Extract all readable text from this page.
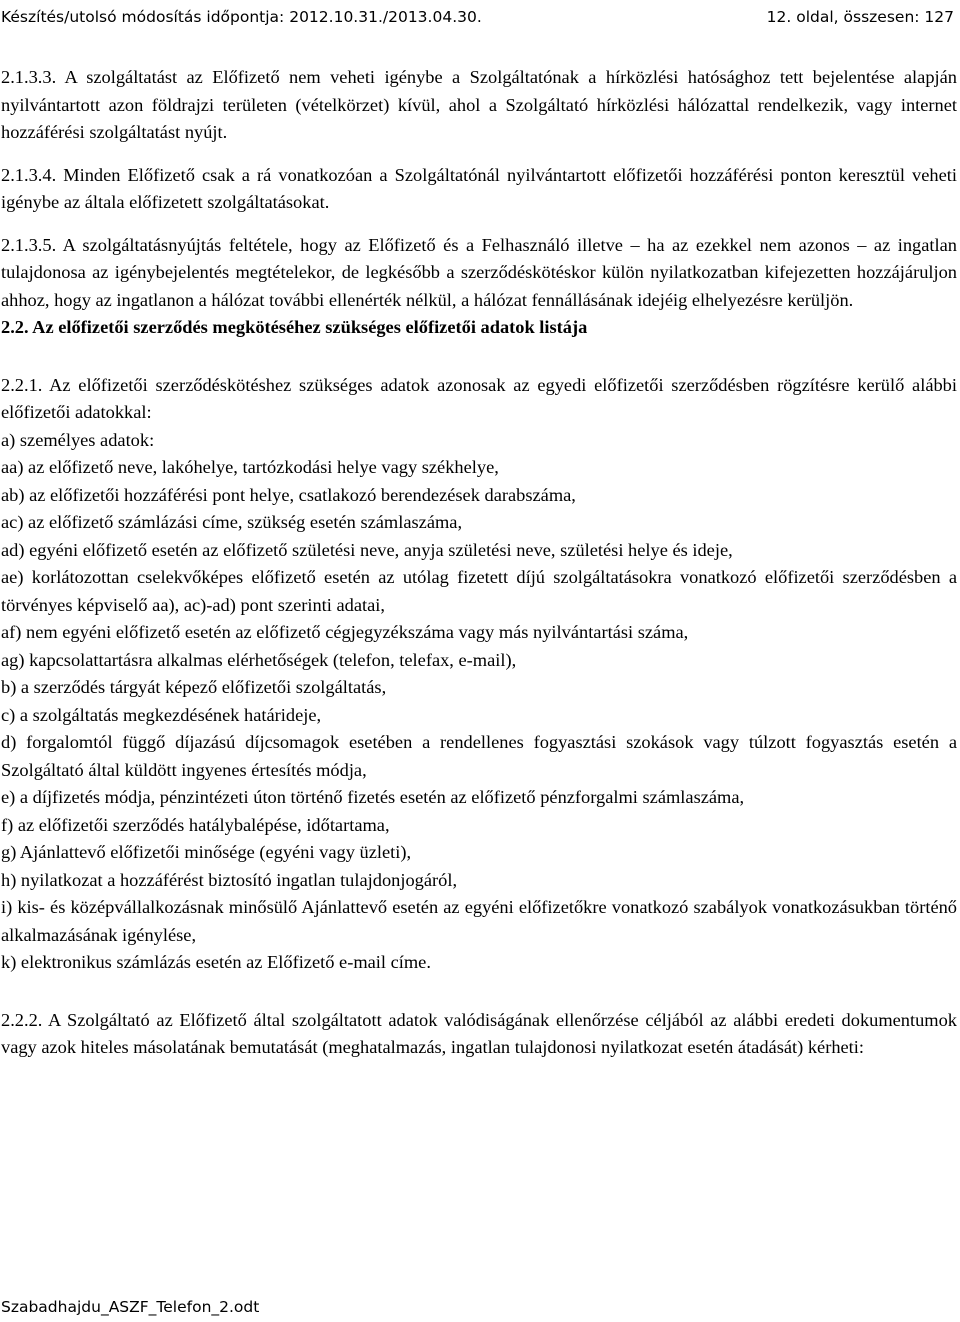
Készítés/utolsó módosítás időpontja: 2012.10.31./2013.04.30.	12. oldal, összesen: 127

2.1.3.3. A szolgáltatást az Előfizető nem veheti igénybe a Szolgáltatónak a hírközlési hatósághoz tett bejelentése alapján nyilvántartott azon földrajzi területen (vételkörzet) kívül, ahol a Szolgáltató hírközlési hálózattal rendelkezik, vagy internet hozzáférési szolgáltatást nyújt.

2.1.3.4. Minden Előfizető csak a rá vonatkozóan a Szolgáltatónál nyilvántartott előfizetői hozzáférési ponton keresztül veheti igénybe az általa előfizetett szolgáltatásokat.

2.1.3.5. A szolgáltatásnyújtás feltétele, hogy az Előfizető és a Felhasználó illetve – ha az ezekkel nem azonos – az ingatlan tulajdonosa az igénybejelentés megtételekor, de legkésőbb a szerződéskötéskor külön nyilatkozatban kifejezetten hozzájáruljon ahhoz, hogy az ingatlanon a hálózat további ellenérték nélkül, a hálózat fennállásának idejéig elhelyezésre kerüljön.

2.2. Az előfizetői szerződés megkötéséhez szükséges előfizetői adatok listája

2.2.1. Az előfizetői szerződéskötéshez szükséges adatok azonosak az egyedi előfizetői szerződésben rögzítésre kerülő alábbi előfizetői adatokkal:

a) személyes adatok:

aa) az előfizető neve, lakóhelye, tartózkodási helye vagy székhelye,

ab) az előfizetői hozzáférési pont helye, csatlakozó berendezések darabszáma,

ac) az előfizető számlázási címe, szükség esetén számlaszáma,

ad) egyéni előfizető esetén az előfizető születési neve, anyja születési neve, születési helye és ideje,

ae) korlátozottan cselekvőképes előfizető esetén az utólag fizetett díjú szolgáltatásokra vonatkozó előfizetői szerződésben a törvényes képviselő aa), ac)-ad) pont szerinti adatai,

af) nem egyéni előfizető esetén az előfizető cégjegyzékszáma vagy más nyilvántartási száma,

ag) kapcsolattartásra alkalmas elérhetőségek (telefon, telefax, e-mail),

b) a szerződés tárgyát képező előfizetői szolgáltatás,

c) a szolgáltatás megkezdésének határideje,

d) forgalomtól függő díjazású díjcsomagok esetében a rendellenes fogyasztási szokások vagy túlzott fogyasztás esetén a Szolgáltató által küldött ingyenes értesítés módja,

e) a díjfizetés módja, pénzintézeti úton történő fizetés esetén az előfizető pénzforgalmi számlaszáma,

f) az előfizetői szerződés hatálybalépése, időtartama,

g) Ajánlattevő előfizetői minősége (egyéni vagy üzleti),

h) nyilatkozat a hozzáférést biztosító ingatlan tulajdonjogáról,

i) kis- és középvállalkozásnak minősülő Ajánlattevő esetén az egyéni előfizetőkre vonatkozó szabályok vonatkozásukban történő alkalmazásának igénylése,

k) elektronikus számlázás esetén az Előfizető e-mail címe.

2.2.2. A Szolgáltató az Előfizető által szolgáltatott adatok valódiságának ellenőrzése céljából az alábbi eredeti dokumentumok vagy azok hiteles másolatának bemutatását (meghatalmazás, ingatlan tulajdonosi nyilatkozat esetén átadását) kérheti:

Szabadhajdu_ASZF_Telefon_2.odt
